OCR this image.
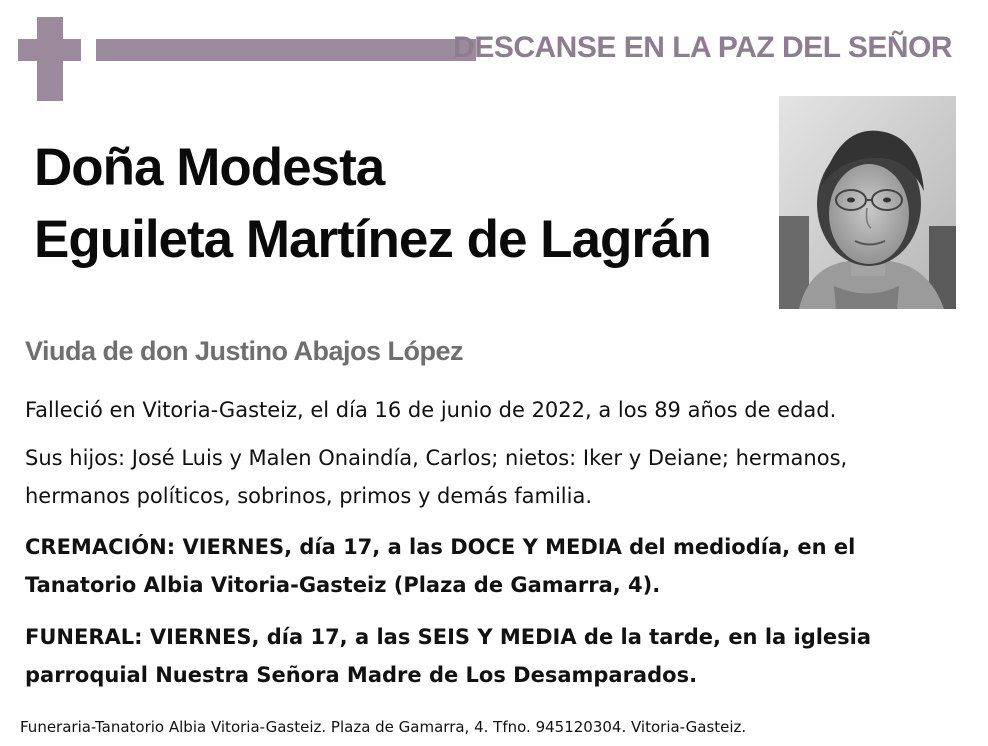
DESCANSE EN LA PAZ DEL SEÑOR
Doña Modesta
Eguileta Martínez de Lagrán
Viuda de don Justino Abajos López
Falleció en Vitoria-Gasteiz, el día 16 de junio de 2022, a los 89 años de edad.
Sus hijos: José Luis y Malen Onaindía, Carlos; nietos: Iker y Deiane; hermanos, hermanos políticos, sobrinos, primos y demás familia.
CREMACIÓN: VIERNES, día 17, a las DOCE Y MEDIA del mediodía, en el Tanatorio Albia Vitoria-Gasteiz (Plaza de Gamarra, 4).
FUNERAL: VIERNES, día 17, a las SEIS Y MEDIA de la tarde, en la iglesia parroquial Nuestra Señora Madre de Los Desamparados.
Funeraria-Tanatorio Albia Vitoria-Gasteiz. Plaza de Gamarra, 4. Tfno. 945120304. Vitoria-Gasteiz.
